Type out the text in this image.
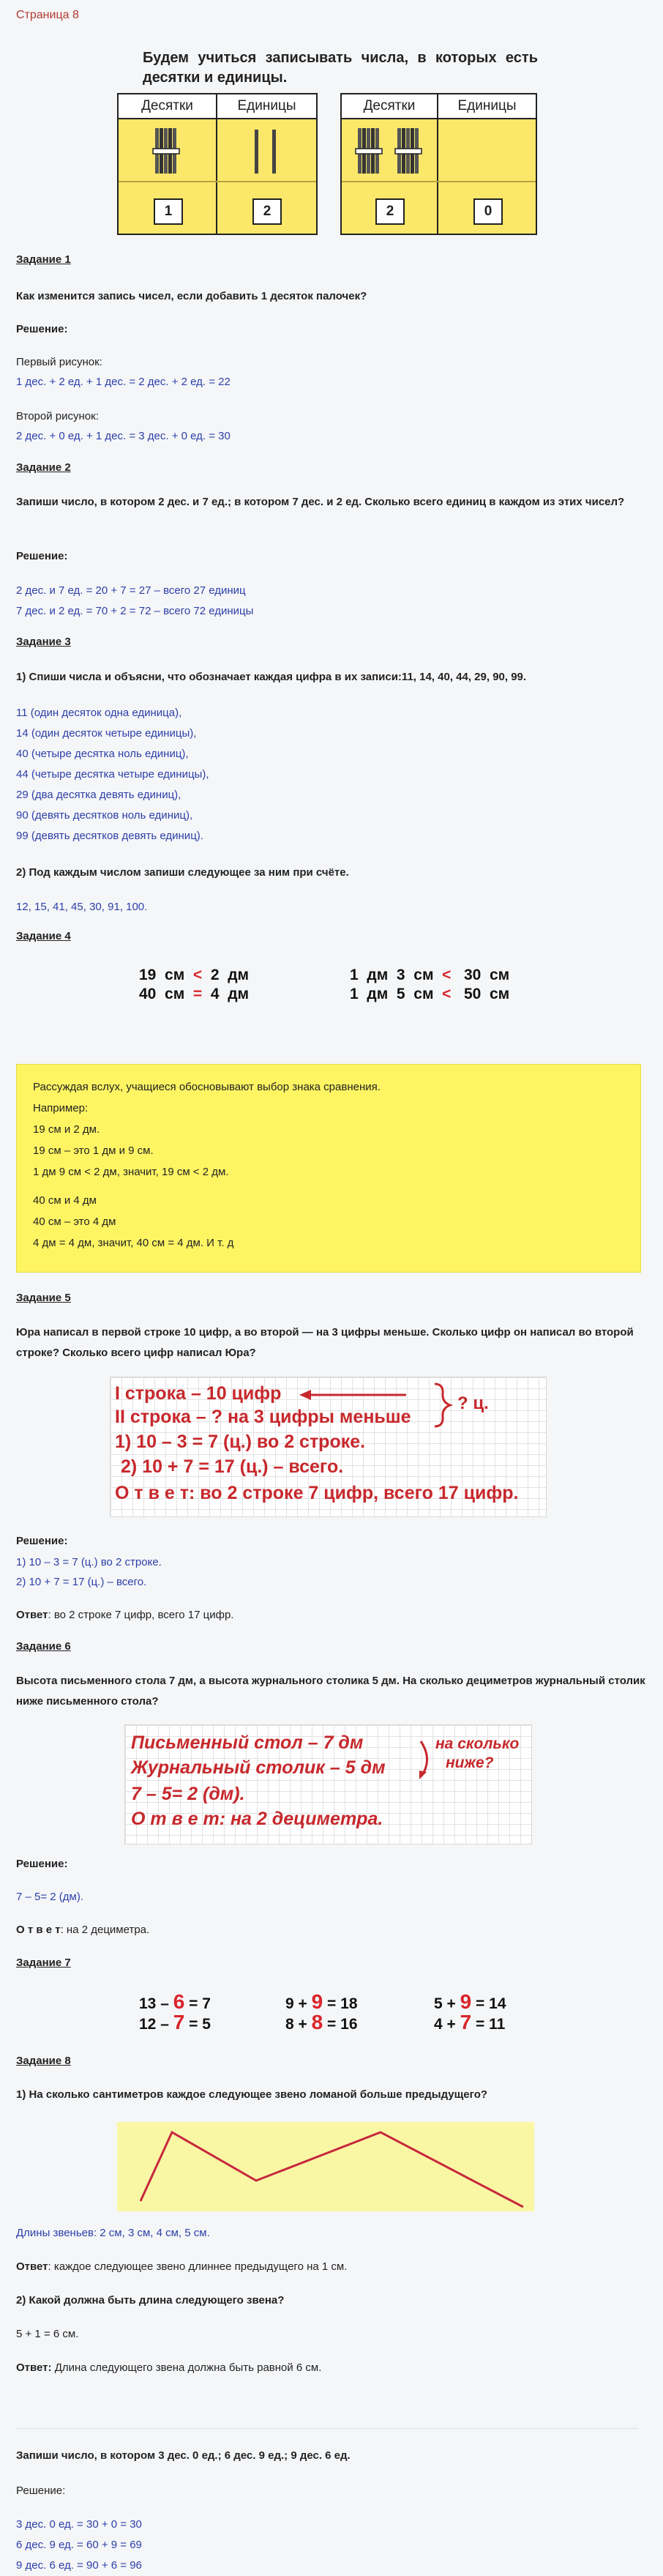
Страница 8
Будем учиться записывать числа, в которых есть десятки и единицы.
Десятки	Единицы
1	2
Десятки	Единицы
2	0
Задание 1
Как изменится запись чисел, если добавить 1 десяток палочек?
Решение:
Первый рисунок:
1 дес. + 2 ед. + 1 дес. = 2 дес. + 2 ед. = 22
Второй рисунок:
2 дес. + 0 ед. + 1 дес. = 3 дес. + 0 ед. = 30
Задание 2
Запиши число, в котором 2 дес. и 7 ед.; в котором 7 дес. и 2 ед. Сколько всего единиц в каждом из этих чисел?
Решение:
2 дес. и 7 ед. = 20 + 7 = 27 – всего 27 единиц
7 дес. и 2 ед. = 70 + 2 = 72 – всего 72 единицы
Задание 3
1) Спиши числа и объясни, что обозначает каждая цифра в их записи:11, 14, 40, 44, 29, 90, 99.
11 (один десяток одна единица),
14 (один десяток четыре единицы),
40 (четыре десятка ноль единиц),
44 (четыре десятка четыре единицы),
29 (два десятка девять единиц),
90 (девять десятков ноль единиц),
99 (девять десятков девять единиц).
2) Под каждым числом запиши следующее за ним при счёте.
12, 15, 41, 45, 30, 91, 100.
Задание 4
19 см < 2 дм
40 см = 4 дм
1 дм 3 см < 30 см
1 дм 5 см < 50 см
Рассуждая вслух, учащиеся обосновывают выбор знака сравнения.
Например:
19 см и 2 дм.
19 см – это 1 дм и 9 см.
1 дм 9 см < 2 дм, значит, 19 см < 2 дм.
40 см и 4 дм
40 см – это 4 дм
4 дм = 4 дм, значит, 40 см = 4 дм. И т. д
Задание 5
Юра написал в первой строке 10 цифр, а во второй — на 3 цифры меньше. Сколько цифр он написал во второй строке? Сколько всего цифр написал Юра?
I строка – 10 цифр
II строка – ? на 3 цифры меньше
? ц.
1) 10 – 3 = 7 (ц.) во 2 строке.
2) 10 + 7 = 17 (ц.) – всего.
О т в е т: во 2 строке 7 цифр, всего 17 цифр.
Решение:
1) 10 – 3 = 7 (ц.) во 2 строке.
2) 10 + 7 = 17 (ц.) – всего.
Ответ: во 2 строке 7 цифр, всего 17 цифр.
Задание 6
Высота письменного стола 7 дм, а высота журнального столика 5 дм. На сколько дециметров журнальный столик ниже письменного стола?
Письменный стол – 7 дм
Журнальный столик – 5 дм
на сколько
ниже?
7 – 5= 2 (дм).
О т в е т: на 2 дециметра.
Решение:
7 – 5= 2 (дм).
О т в е т: на 2 дециметра.
Задание 7
13 – 6 = 7
12 – 7 = 5
9 + 9 = 18
8 + 8 = 16
5 + 9 = 14
4 + 7 = 11
Задание 8
1) На сколько сантиметров каждое следующее звено ломаной больше предыдущего?
Длины звеньев: 2 см, 3 см, 4 см, 5 см.
Ответ: каждое следующее звено длиннее предыдущего на 1 см.
2) Какой должна быть длина следующего звена?
5 + 1 = 6 см.
Ответ: Длина следующего звена должна быть равной 6 см.
Запиши число, в котором 3 дес. 0 ед.; 6 дес. 9 ед.; 9 дес. 6 ед.
Решение:
3 дес. 0 ед. = 30 + 0 = 30
6 дес. 9 ед. = 60 + 9 = 69
9 дес. 6 ед. = 90 + 6 = 96
